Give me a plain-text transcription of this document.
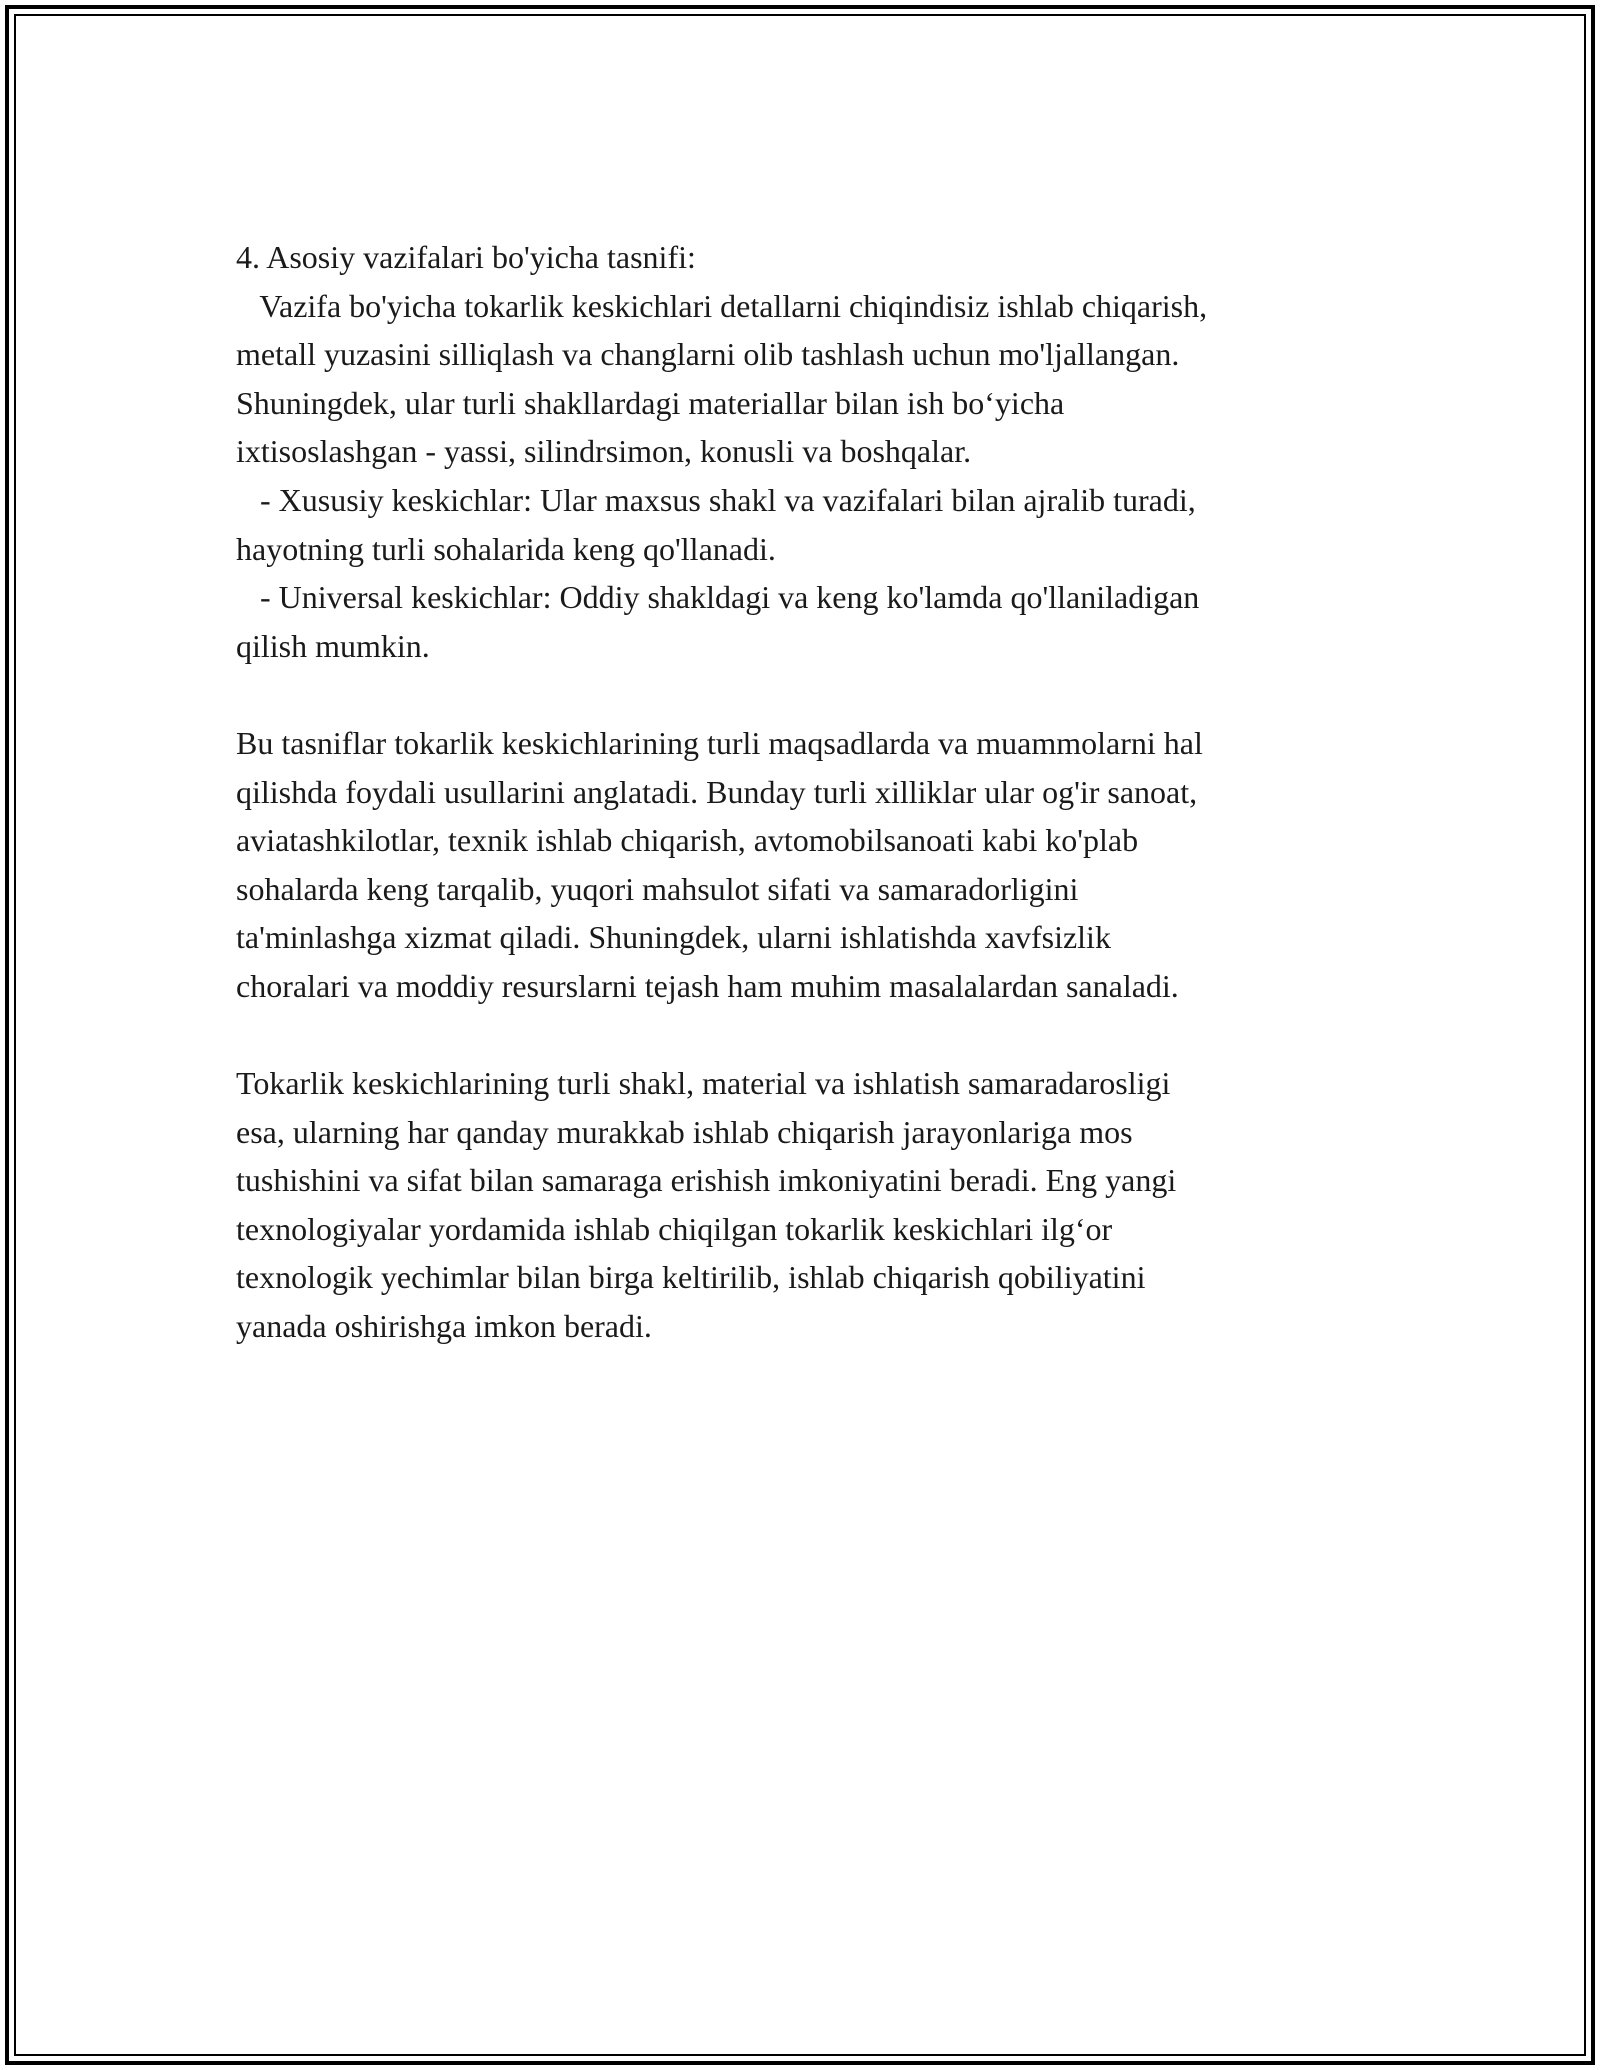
4. Asosiy vazifalari bo'yicha tasnifi:
Vazifa bo'yicha tokarlik keskichlari detallarni chiqindisiz ishlab chiqarish,
metall yuzasini silliqlash va changlarni olib tashlash uchun mo'ljallangan.
Shuningdek, ular turli shakllardagi materiallar bilan ish bo‘yicha
ixtisoslashgan - yassi, silindrsimon, konusli va boshqalar.
- Xususiy keskichlar: Ular maxsus shakl va vazifalari bilan ajralib turadi,
hayotning turli sohalarida keng qo'llanadi.
- Universal keskichlar: Oddiy shakldagi va keng ko'lamda qo'llaniladigan
qilish mumkin.
Bu tasniflar tokarlik keskichlarining turli maqsadlarda va muammolarni hal
qilishda foydali usullarini anglatadi. Bunday turli xilliklar ular og'ir sanoat,
aviatashkilotlar, texnik ishlab chiqarish, avtomobilsanoati kabi ko'plab
sohalarda keng tarqalib, yuqori mahsulot sifati va samaradorligini
ta'minlashga xizmat qiladi. Shuningdek, ularni ishlatishda xavfsizlik
choralari va moddiy resurslarni tejash ham muhim masalalardan sanaladi.
Tokarlik keskichlarining turli shakl, material va ishlatish samaradarosligi
esa, ularning har qanday murakkab ishlab chiqarish jarayonlariga mos
tushishini va sifat bilan samaraga erishish imkoniyatini beradi. Eng yangi
texnologiyalar yordamida ishlab chiqilgan tokarlik keskichlari ilg‘or
texnologik yechimlar bilan birga keltirilib, ishlab chiqarish qobiliyatini
yanada oshirishga imkon beradi.
